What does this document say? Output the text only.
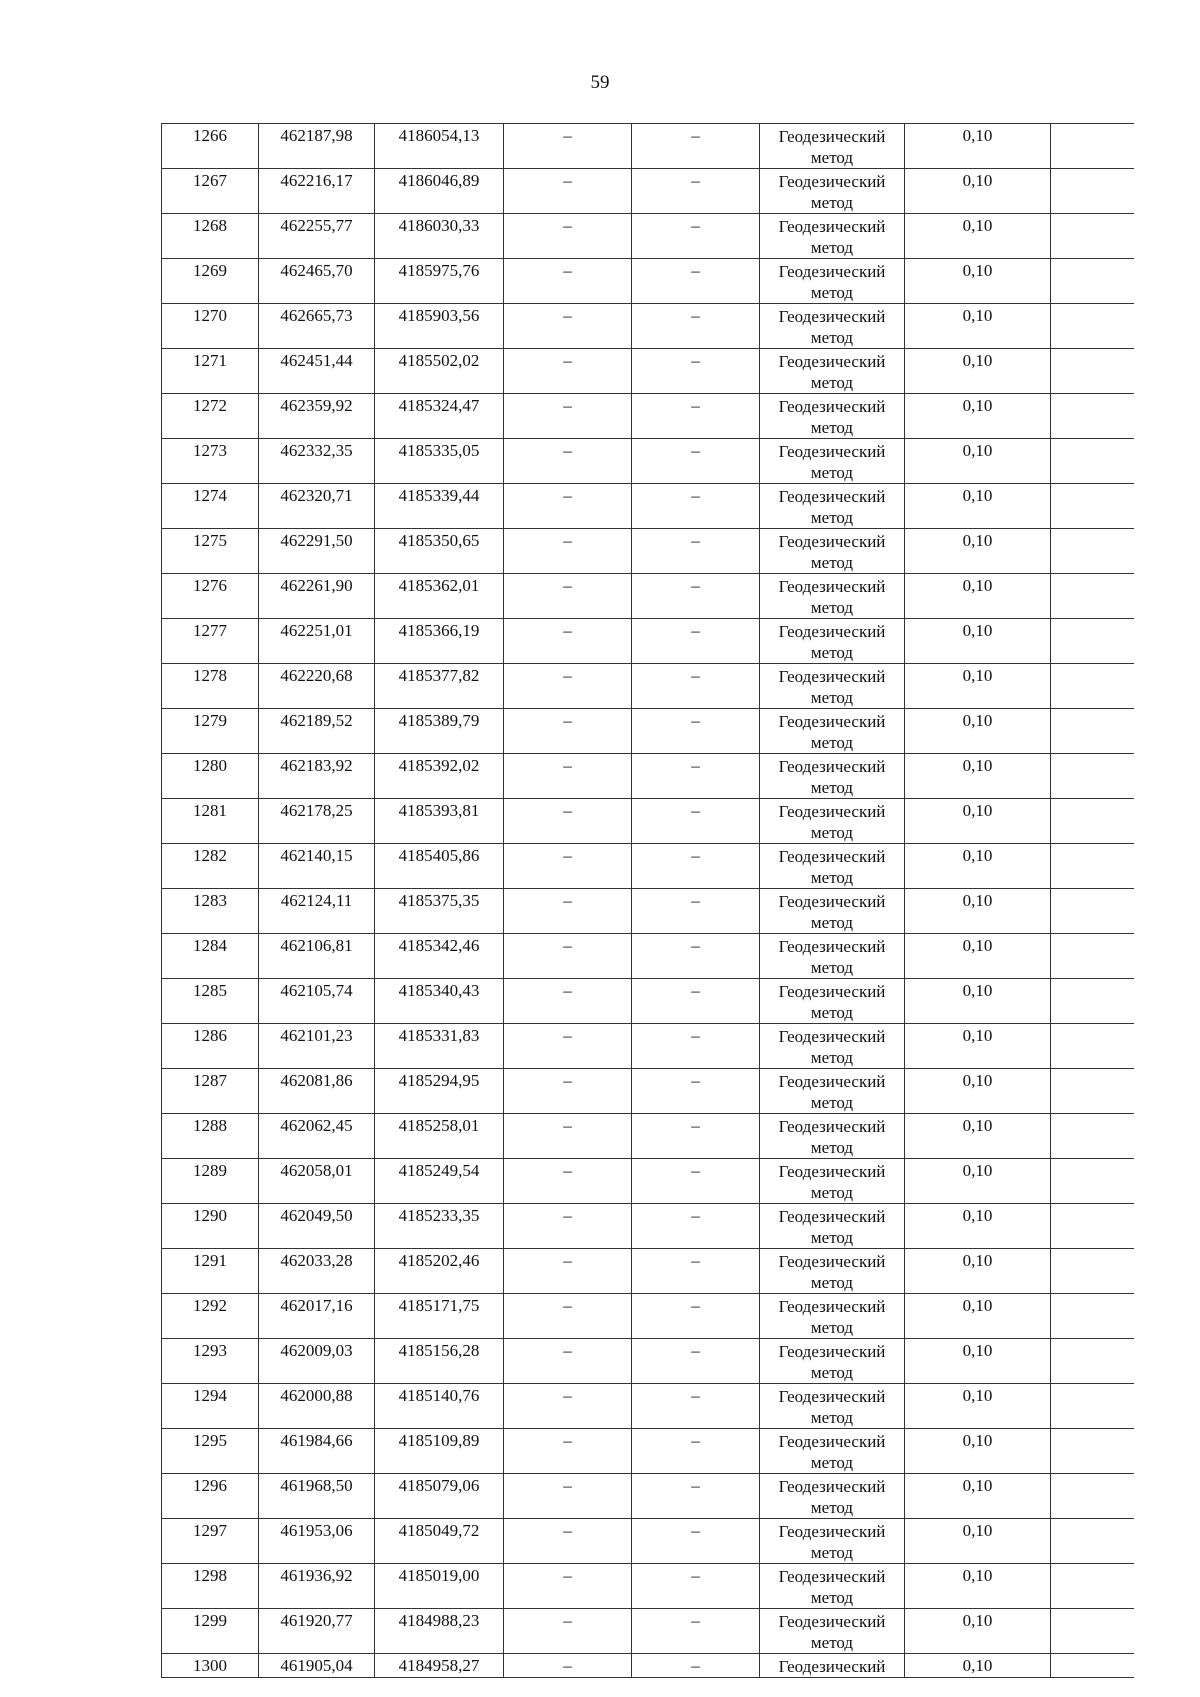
59
1266	462187,98	4186054,13	–	–	Геодезический метод	0,10	

1267	462216,17	4186046,89	–	–	Геодезический метод	0,10	

1268	462255,77	4186030,33	–	–	Геодезический метод	0,10	

1269	462465,70	4185975,76	–	–	Геодезический метод	0,10	

1270	462665,73	4185903,56	–	–	Геодезический метод	0,10	

1271	462451,44	4185502,02	–	–	Геодезический метод	0,10	

1272	462359,92	4185324,47	–	–	Геодезический метод	0,10	

1273	462332,35	4185335,05	–	–	Геодезический метод	0,10	

1274	462320,71	4185339,44	–	–	Геодезический метод	0,10	

1275	462291,50	4185350,65	–	–	Геодезический метод	0,10	

1276	462261,90	4185362,01	–	–	Геодезический метод	0,10	

1277	462251,01	4185366,19	–	–	Геодезический метод	0,10	

1278	462220,68	4185377,82	–	–	Геодезический метод	0,10	

1279	462189,52	4185389,79	–	–	Геодезический метод	0,10	

1280	462183,92	4185392,02	–	–	Геодезический метод	0,10	

1281	462178,25	4185393,81	–	–	Геодезический метод	0,10	

1282	462140,15	4185405,86	–	–	Геодезический метод	0,10	

1283	462124,11	4185375,35	–	–	Геодезический метод	0,10	

1284	462106,81	4185342,46	–	–	Геодезический метод	0,10	

1285	462105,74	4185340,43	–	–	Геодезический метод	0,10	

1286	462101,23	4185331,83	–	–	Геодезический метод	0,10	

1287	462081,86	4185294,95	–	–	Геодезический метод	0,10	

1288	462062,45	4185258,01	–	–	Геодезический метод	0,10	

1289	462058,01	4185249,54	–	–	Геодезический метод	0,10	

1290	462049,50	4185233,35	–	–	Геодезический метод	0,10	

1291	462033,28	4185202,46	–	–	Геодезический метод	0,10	

1292	462017,16	4185171,75	–	–	Геодезический метод	0,10	

1293	462009,03	4185156,28	–	–	Геодезический метод	0,10	

1294	462000,88	4185140,76	–	–	Геодезический метод	0,10	

1295	461984,66	4185109,89	–	–	Геодезический метод	0,10	

1296	461968,50	4185079,06	–	–	Геодезический метод	0,10	

1297	461953,06	4185049,72	–	–	Геодезический метод	0,10	

1298	461936,92	4185019,00	–	–	Геодезический метод	0,10	

1299	461920,77	4184988,23	–	–	Геодезический метод	0,10	

1300	461905,04	4184958,27	–	–	Геодезический	0,10	
